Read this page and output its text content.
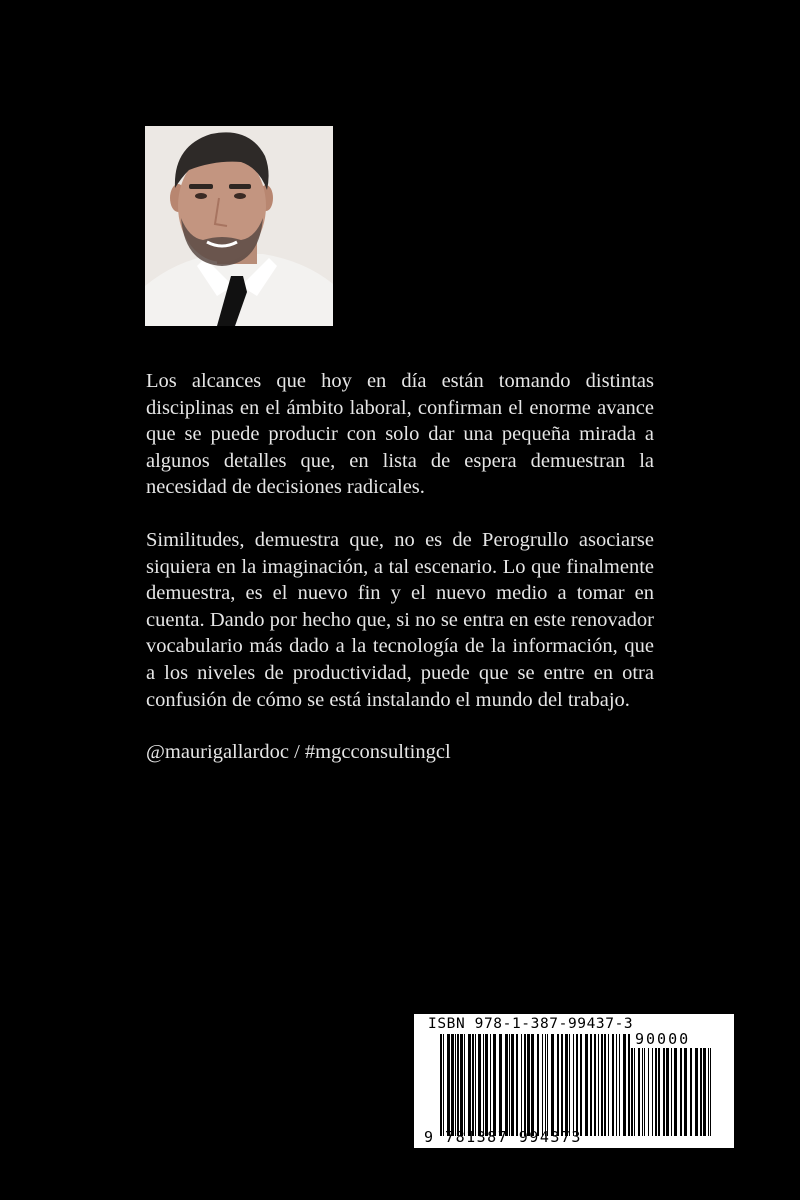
Los alcances que hoy en día están tomando distintas disciplinas en el ámbito laboral, confirman el enorme avance que se puede producir con solo dar una pequeña mirada a algunos detalles que, en lista de espera demuestran la necesidad de decisiones radicales.

Similitudes, demuestra que, no es de Perogrullo asociarse siquiera en la imaginación, a tal escenario. Lo que finalmente demuestra, es el nuevo fin y el nuevo medio a tomar en cuenta. Dando por hecho que, si no se entra en este renovador vocabulario más dado a la tecnología de la información, que a los niveles de productividad, puede que se entre en otra confusión de cómo se está instalando el mundo del trabajo.

@maurigallardoc / #mgcconsultingcl

ISBN 978-1-387-99437-3
90000
9 781387 994373
